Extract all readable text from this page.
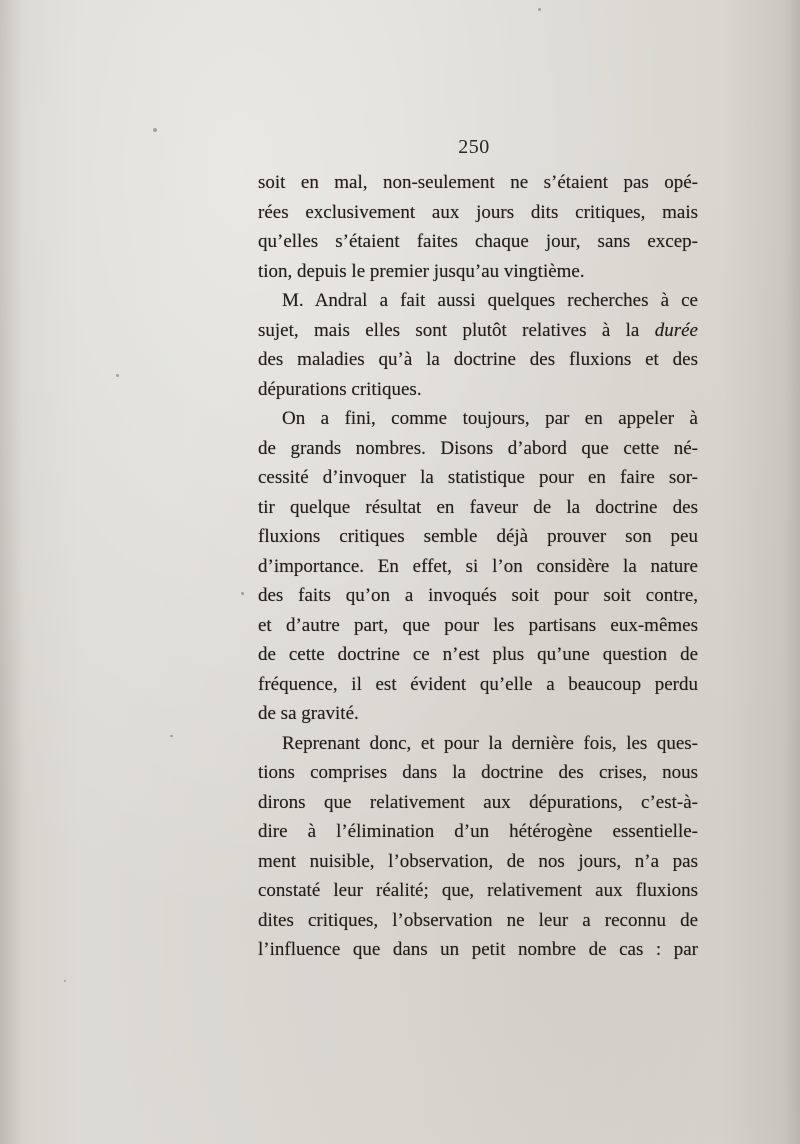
250
soit en mal, non-seulement ne s’étaient pas opé-
rées exclusivement aux jours dits critiques, mais
qu’elles s’étaient faites chaque jour, sans excep-
tion, depuis le premier jusqu’au vingtième.
M. Andral a fait aussi quelques recherches à ce
sujet, mais elles sont plutôt relatives à la durée
des maladies qu’à la doctrine des fluxions et des
dépurations critiques.
On a fini, comme toujours, par en appeler à
de grands nombres. Disons d’abord que cette né-
cessité d’invoquer la statistique pour en faire sor-
tir quelque résultat en faveur de la doctrine des
fluxions critiques semble déjà prouver son peu
d’importance. En effet, si l’on considère la nature
des faits qu’on a invoqués soit pour soit contre,
et d’autre part, que pour les partisans eux-mêmes
de cette doctrine ce n’est plus qu’une question de
fréquence, il est évident qu’elle a beaucoup perdu
de sa gravité.
Reprenant donc, et pour la dernière fois, les ques-
tions comprises dans la doctrine des crises, nous
dirons que relativement aux dépurations, c’est-à-
dire à l’élimination d’un hétérogène essentielle-
ment nuisible, l’observation, de nos jours, n’a pas
constaté leur réalité; que, relativement aux fluxions
dites critiques, l’observation ne leur a reconnu de
l’influence que dans un petit nombre de cas : par
